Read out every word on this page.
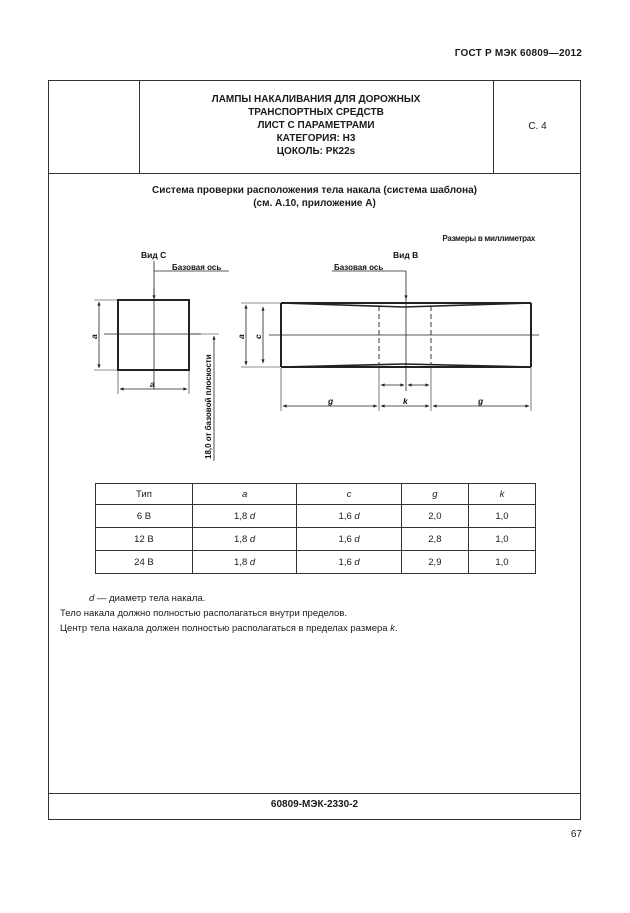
ГОСТ Р МЭК 60809—2012
ЛАМПЫ НАКАЛИВАНИЯ ДЛЯ ДОРОЖНЫХ
ТРАНСПОРТНЫХ СРЕДСТВ
ЛИСТ С ПАРАМЕТРАМИ
КАТЕГОРИЯ: Н3
ЦОКОЛЬ: РК22s
С. 4
Система проверки расположения тела накала (система шаблона)
(см. А.10, приложение А)
Размеры в миллиметрах
Вид С
Базовая ось
Вид В
Базовая ось
18,0 от базовой плоскости
a
a
a c
g	k	g
Тип	a	c	g	k
6 В	1,8 d	1,6 d	2,0	1,0
12 В	1,8 d	1,6 d	2,8	1,0
24 В	1,8 d	1,6 d	2,9	1,0
d — диаметр тела накала.
Тело накала должно полностью располагаться внутри пределов.
Центр тела накала должен полностью располагаться в пределах размера k.
60809-МЭК-2330-2
67
